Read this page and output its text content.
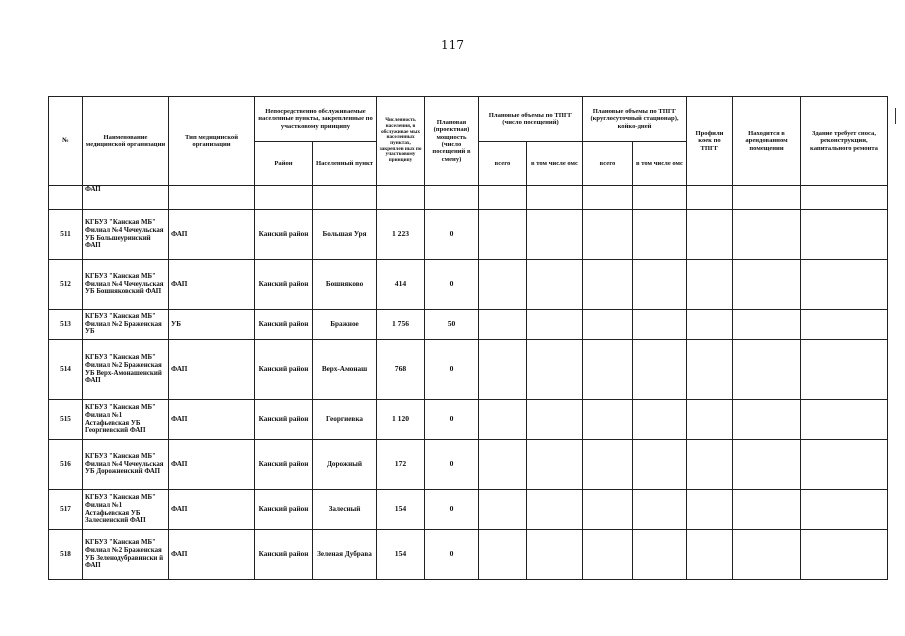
117
№	Наименование медицинской организации	Тип медицинской организации	Непосредственно обслуживаемые населенные пункты, закрепленные по участковому принципу		Численность населения, в обслуживае мых населенных пунктах, закреплен ных по участковому принципу	Плановая (проектная) мощность (число посещений в смену)	Плановые объемы по ТПГГ (число посещений)		Плановые объемы по ТПГГ (круглосуточный стационар), койко-дней		Профили коек по ТПГГ	Находится в арендованном помещении	Здание требует сноса, реконструкции, капитального ремонта
			Район	Населенный пункт			всего	в том числе омс	всего	в том числе омс			
	ФАП												
511	КГБУЗ "Канская МБ" Филиал №4 Чечеульская УБ Большеуринский ФАП	ФАП	Канский район	Большая Уря	1 223	0							
512	КГБУЗ "Канская МБ" Филиал №4 Чечеульская УБ Бошняковский ФАП	ФАП	Канский район	Бошняково	414	0							
513	КГБУЗ "Канская МБ" Филиал №2 Браженская УБ	УБ	Канский район	Бражное	1 756	50							
514	КГБУЗ "Канская МБ" Филиал №2 Браженская УБ Верх-Амонашенский ФАП	ФАП	Канский район	Верх-Амонаш	768	0							
515	КГБУЗ "Канская МБ" Филиал №1 Астафьевская УБ Георгиевский ФАП	ФАП	Канский район	Георгиевка	1 120	0							
516	КГБУЗ "Канская МБ" Филиал №4 Чечеульская УБ Дорожненский ФАП	ФАП	Канский район	Дорожный	172	0							
517	КГБУЗ "Канская МБ" Филиал №1 Астафьевская УБ Залесненский ФАП	ФАП	Канский район	Залесный	154	0							
518	КГБУЗ "Канская МБ" Филиал №2 Браженская УБ Зеленодубравински й ФАП	ФАП	Канский район	Зеленая Дубрава	154	0							
